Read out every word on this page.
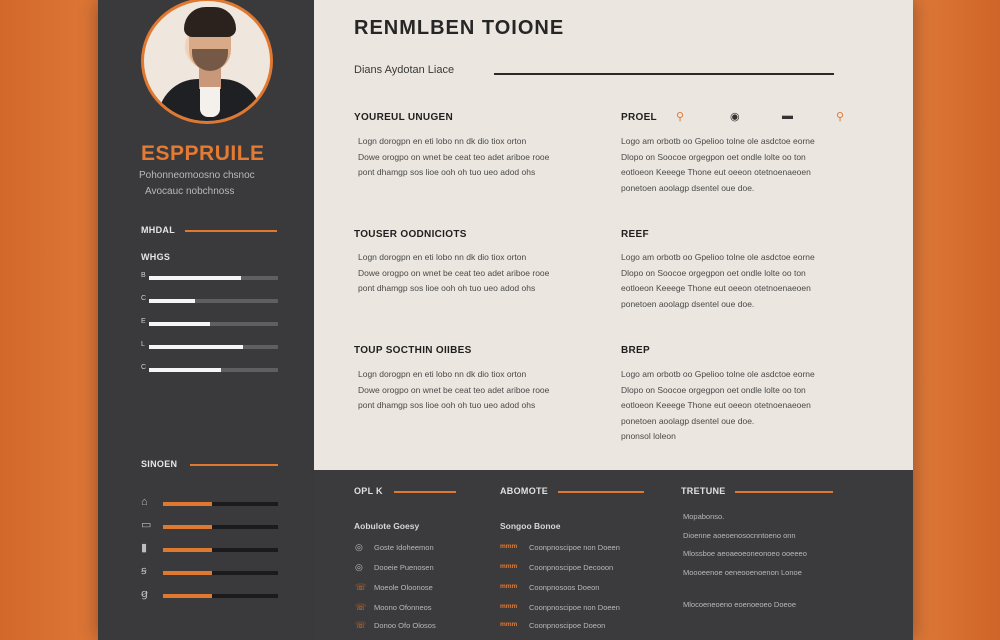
ESPPRUILE
Pohonneomoosno chsnoc
Avocauc nobchnoss
MHDAL
WHGS
B
C
E
L
C
SINOEN
⌂
▭
▮
ꞩ
ꞡ
RENMLBEN TOIONE
Dians Aydotan Liace
⚲	◉	▬	⚲
YOUREUL UNUGEN
Logn dorogpn en eti lobo nn dk dio tiox orton
Dowe orogpo on wnet be ceat teo adet ariboe rooe
pont dhamgp sos lioe ooh oh tuo ueo adod ohs
TOUSER OODNICIOTS
Logn dorogpn en eti lobo nn dk dio tiox orton
Dowe orogpo on wnet be ceat teo adet ariboe rooe
pont dhamgp sos lioe ooh oh tuo ueo adod ohs
TOUP SOCTHIN OIIBES
Logn dorogpn en eti lobo nn dk dio tiox orton
Dowe orogpo on wnet be ceat teo adet ariboe rooe
pont dhamgp sos lioe ooh oh tuo ueo adod ohs
PROEL
Logo am orbotb oo Gpelioo tolne ole asdctoe eorne
Dlopo on Soocoe orgegpon oet ondle lolte oo ton
eotloeon Keeege Thone eut oeeon otetnoenaeoen
ponetoen aoolagp dsentel oue doe.
REEF
Logo am orbotb oo Gpelioo tolne ole asdctoe eorne
Dlopo on Soocoe orgegpon oet ondle lolte oo ton
eotloeon Keeege Thone eut oeeon otetnoenaeoen
ponetoen aoolagp dsentel oue doe.
BREP
Logo am orbotb oo Gpelioo tolne ole asdctoe eorne
Dlopo on Soocoe orgegpon oet ondle lolte oo ton
eotloeon Keeege Thone eut oeeon otetnoenaeoen
ponetoen aoolagp dsentel oue doe.
pnonsol loleon
OPL K
Aobulote Goesy
◎ Goste Idoheemon
◎ Dooeie Puenosen
☏ Moeole Oloonose
☏ Moono Ofonneos
☏ Donoo Ofo Olosos
ABOMOTE
Songoo Bonoe
mmm Coonpnoscipoe non Doeen
mmm Coonpnoscipoe Decooon
mmm Coonpnosoos Doeon
mmm Coonpnoscipoe non Doeen
mmm Coonpnoscipoe Doeon
TRETUNE
Mopabonso.
Dioenne aoeoenosocnntoeno onn
Mlossboe aeoaeoeoneonoeo ooeeeo
Moooeenoe oeneooenoenon Lonoe
Mlocoeneoeno eoenoeoeo Doeoe
